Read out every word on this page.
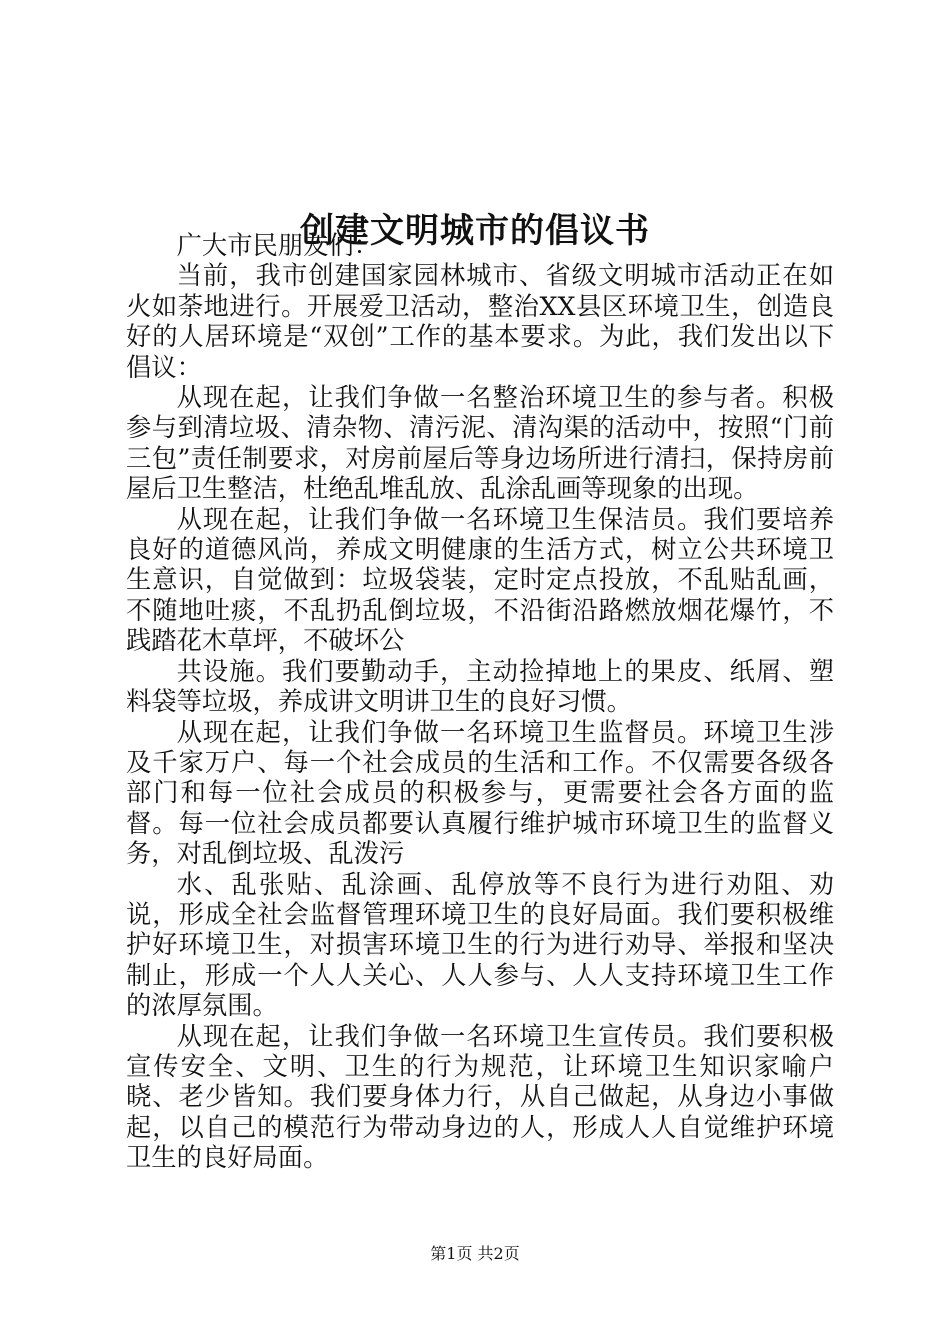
创建文明城市的倡议书

广大市民朋友们：

当前，我市创建国家园林城市、省级文明城市活动正在如火如荼地进行。开展爱卫活动，整治XX县区环境卫生，创造良好的人居环境是“双创”工作的基本要求。为此，我们发出以下倡议：

从现在起，让我们争做一名整治环境卫生的参与者。积极参与到清垃圾、清杂物、清污泥、清沟渠的活动中，按照“门前三包”责任制要求，对房前屋后等身边场所进行清扫，保持房前屋后卫生整洁，杜绝乱堆乱放、乱涂乱画等现象的出现。

从现在起，让我们争做一名环境卫生保洁员。我们要培养良好的道德风尚，养成文明健康的生活方式，树立公共环境卫生意识，自觉做到：垃圾袋装，定时定点投放，不乱贴乱画，不随地吐痰，不乱扔乱倒垃圾，不沿街沿路燃放烟花爆竹，不践踏花木草坪，不破坏公

共设施。我们要勤动手，主动捡掉地上的果皮、纸屑、塑料袋等垃圾，养成讲文明讲卫生的良好习惯。

从现在起，让我们争做一名环境卫生监督员。环境卫生涉及千家万户、每一个社会成员的生活和工作。不仅需要各级各部门和每一位社会成员的积极参与，更需要社会各方面的监督。每一位社会成员都要认真履行维护城市环境卫生的监督义务，对乱倒垃圾、乱泼污

水、乱张贴、乱涂画、乱停放等不良行为进行劝阻、劝说，形成全社会监督管理环境卫生的良好局面。我们要积极维护好环境卫生，对损害环境卫生的行为进行劝导、举报和坚决制止，形成一个人人关心、人人参与、人人支持环境卫生工作的浓厚氛围。

从现在起，让我们争做一名环境卫生宣传员。我们要积极宣传安全、文明、卫生的行为规范，让环境卫生知识家喻户晓、老少皆知。我们要身体力行，从自己做起，从身边小事做起，以自己的模范行为带动身边的人，形成人人自觉维护环境卫生的良好局面。

第1页 共2页
